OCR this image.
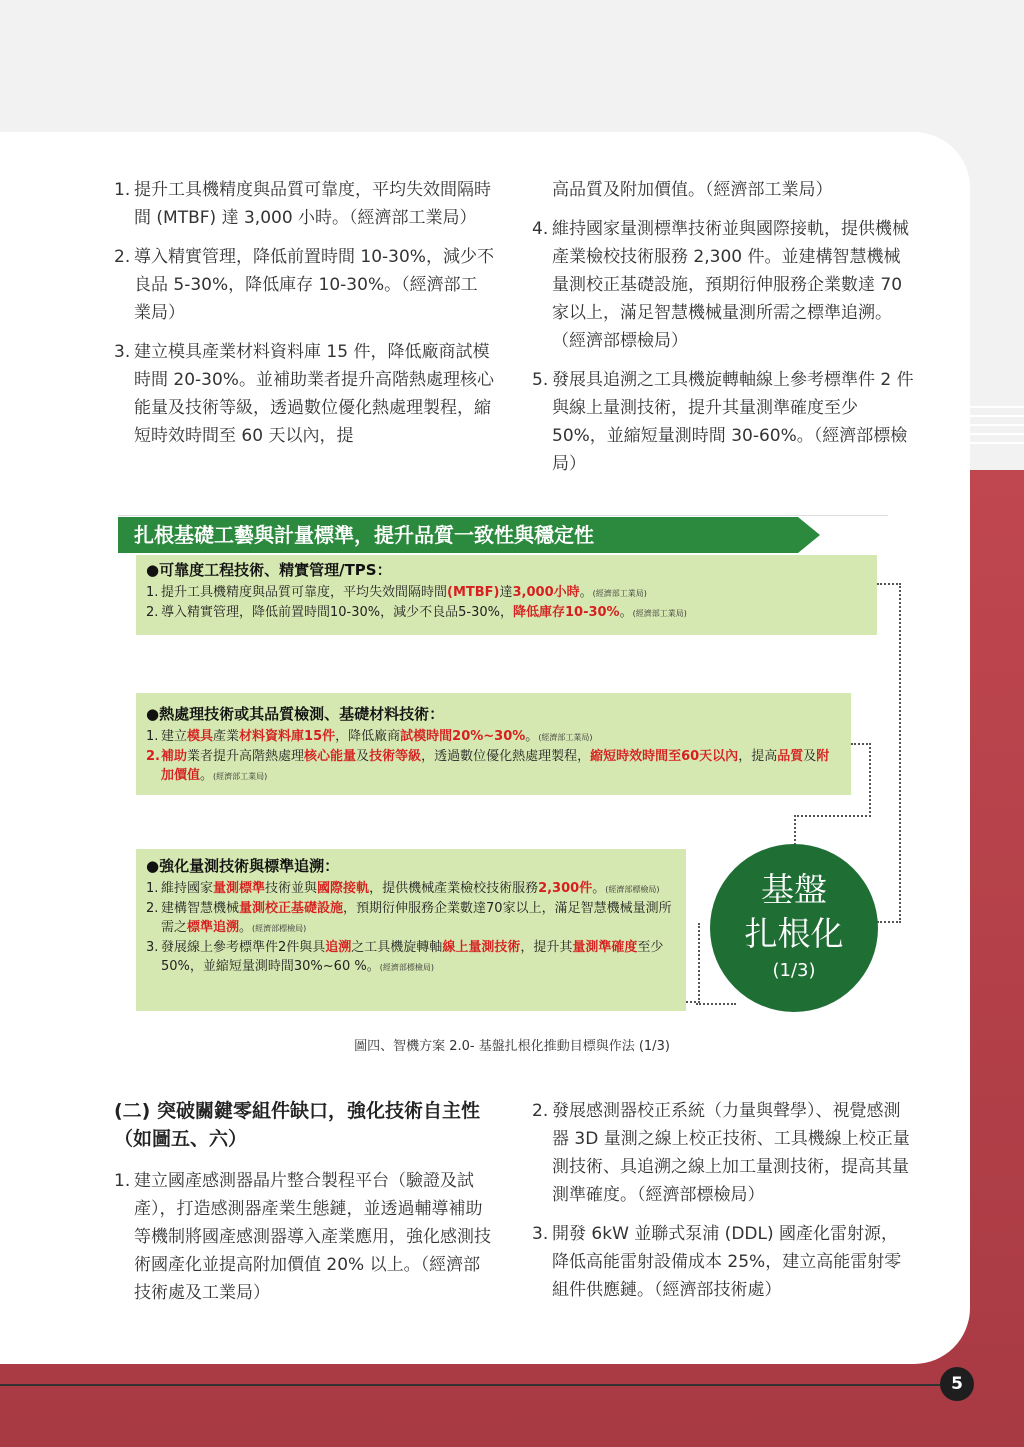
1. 提升工具機精度與品質可靠度，平均失效間隔時間 (MTBF) 達 3,000 小時。（經濟部工業局）
2. 導入精實管理，降低前置時間 10-30%，減少不良品 5-30%，降低庫存 10-30%。（經濟部工業局）
3. 建立模具產業材料資料庫 15 件，降低廠商試模時間 20-30%。並補助業者提升高階熱處理核心能量及技術等級，透過數位優化熱處理製程，縮短時效時間至 60 天以內，提
高品質及附加價值。（經濟部工業局）
4. 維持國家量測標準技術並與國際接軌，提供機械產業檢校技術服務 2,300 件。並建構智慧機械量測校正基礎設施，預期衍伸服務企業數達 70 家以上，滿足智慧機械量測所需之標準追溯。（經濟部標檢局）
5. 發展具追溯之工具機旋轉軸線上參考標準件 2 件與線上量測技術，提升其量測準確度至少 50%，並縮短量測時間 30-60%。（經濟部標檢局）
扎根基礎工藝與計量標準，提升品質一致性與穩定性
●可靠度工程技術、精實管理/TPS：
1. 提升工具機精度與品質可靠度，平均失效間隔時間(MTBF)達3,000小時。(經濟部工業局)
2. 導入精實管理，降低前置時間10-30%，減少不良品5-30%，降低庫存10-30%。(經濟部工業局)
●熱處理技術或其品質檢測、基礎材料技術：
1. 建立模具產業材料資料庫15件，降低廠商試模時間20%~30%。(經濟部工業局)
2. 補助業者提升高階熱處理核心能量及技術等級，透過數位優化熱處理製程，縮短時效時間至60天以內，提高品質及附加價值。(經濟部工業局)
●強化量測技術與標準追溯：
1. 維持國家量測標準技術並與國際接軌，提供機械產業檢校技術服務2,300件。(經濟部標檢局)
2. 建構智慧機械量測校正基礎設施，預期衍伸服務企業數達70家以上，滿足智慧機械量測所需之標準追溯。(經濟部標檢局)
3. 發展線上參考標準件2件與具追溯之工具機旋轉軸線上量測技術，提升其量測準確度至少50%，並縮短量測時間30%~60 %。(經濟部標檢局)
基盤
扎根化
(1/3)
圖四、智機方案 2.0- 基盤扎根化推動目標與作法 (1/3)
(二) 突破關鍵零組件缺口，強化技術自主性（如圖五、六）
1. 建立國產感測器晶片整合製程平台（驗證及試產），打造感測器產業生態鏈，並透過輔導補助等機制將國產感測器導入產業應用，強化感測技術國產化並提高附加價值 20% 以上。（經濟部技術處及工業局）
2. 發展感測器校正系統（力量與聲學）、視覺感測器 3D 量測之線上校正技術、工具機線上校正量測技術、具追溯之線上加工量測技術，提高其量測準確度。（經濟部標檢局）
3. 開發 6kW 並聯式泵浦 (DDL) 國產化雷射源，降低高能雷射設備成本 25%，建立高能雷射零組件供應鏈。（經濟部技術處）
5
